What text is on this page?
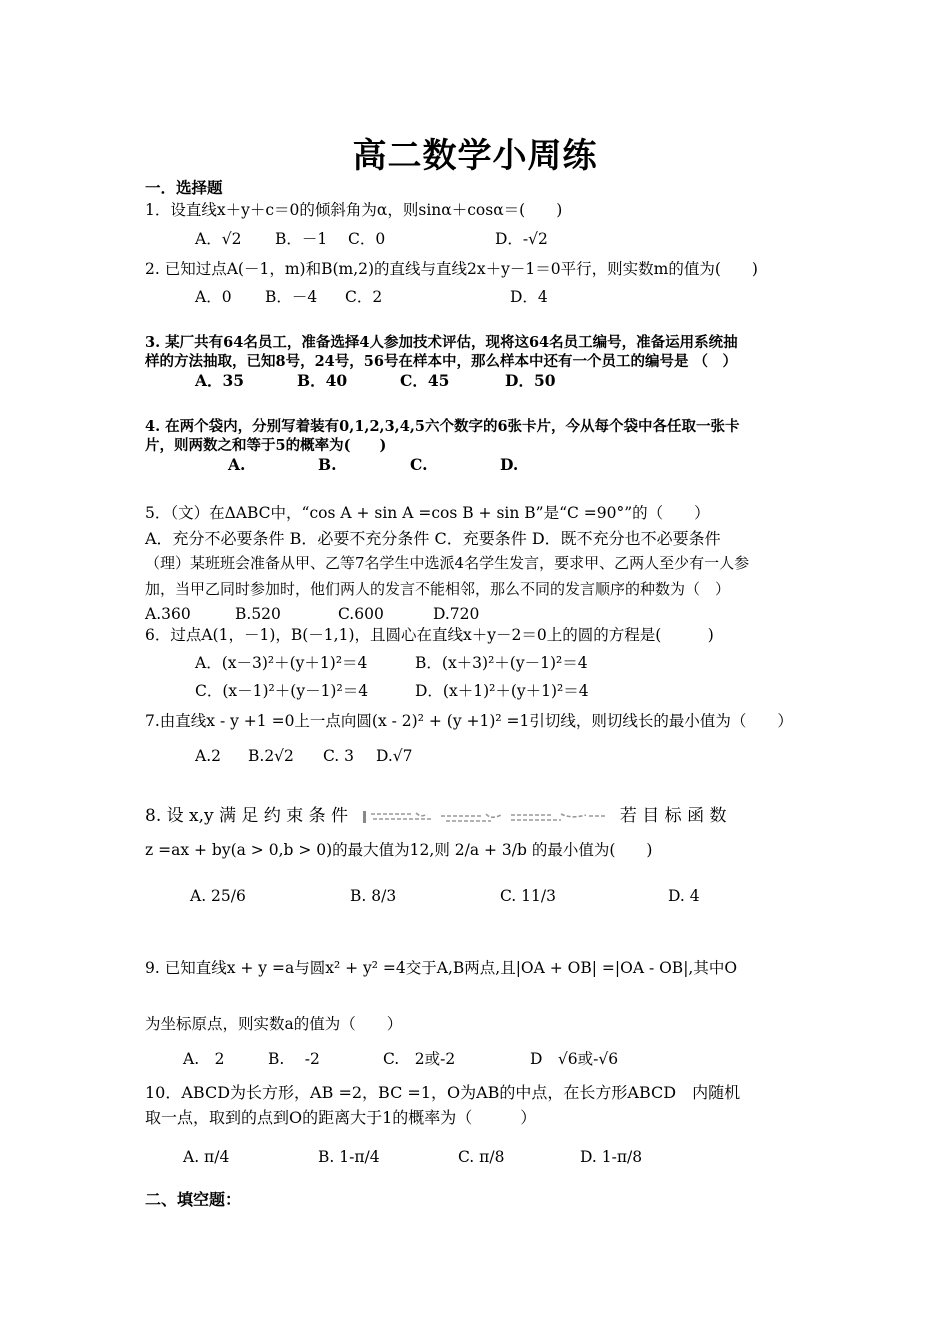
高二数学小周练
一．选择题
1．设直线x＋y＋c＝0的倾斜角为α，则sinα＋cosα＝(　　)
A．√2 B．－1 C．0	D．-√2
2. 已知过点A(－1，m)和B(m,2)的直线与直线2x＋y－1＝0平行，则实数m的值为(　　)
A．0 B．－4 C．2	D．4
3. 某厂共有64名员工，准备选择4人参加技术评估，现将这64名员工编号，准备运用系统抽
样的方法抽取，已知8号，24号，56号在样本中，那么样本中还有一个员工的编号是 （　）
A．35	B．40	C．45	D．50
4. 在两个袋内，分别写着装有0,1,2,3,4,5六个数字的6张卡片，今从每个袋中各任取一张卡
片，则两数之和等于5的概率为(　　)
A.	B.	C.	D.
5．（文）在ΔABC中，“cos A + sin A =cos B + sin B”是“C =90°”的（　　）
A．充分不必要条件 B．必要不充分条件 C．充要条件 D．既不充分也不必要条件
（理）某班班会准备从甲、乙等7名学生中选派4名学生发言，要求甲、乙两人至少有一人参
加，当甲乙同时参加时，他们两人的发言不能相邻，那么不同的发言顺序的种数为（　）
A.360	B.520	C.600	D.720
6．过点A(1，－1)，B(－1,1)，且圆心在直线x＋y－2＝0上的圆的方程是(　　　)
A．(x－3)²＋(y＋1)²＝4	B．(x＋3)²＋(y－1)²＝4
C．(x－1)²＋(y－1)²＝4	D．(x＋1)²＋(y＋1)²＝4
7.由直线x - y +1 =0上一点向圆(x - 2)² + (y +1)² =1引切线，则切线长的最小值为（　　）
A.2 B.2√2 C. 3 D.√7
8. 设 x,y 满 足 约 束 条 件	若 目 标 函 数
z =ax + by(a > 0,b > 0)的最大值为12,则 2/a + 3/b 的最小值为(　　)
A. 25/6	B. 8/3	C. 11/3	D. 4
9. 已知直线x + y =a与圆x² + y² =4交于A,B两点,且|OA + OB| =|OA - OB|,其中O
为坐标原点，则实数a的值为（　　）
A.　2	B.　 -2	C.　2或-2	D　√6或-√6
10．ABCD为长方形，AB =2，BC =1，O为AB的中点，在长方形ABCD　内随机
取一点，取到的点到O的距离大于1的概率为（　　　）
A. π/4	B. 1-π/4	C. π/8	D. 1-π/8
二、填空题：
